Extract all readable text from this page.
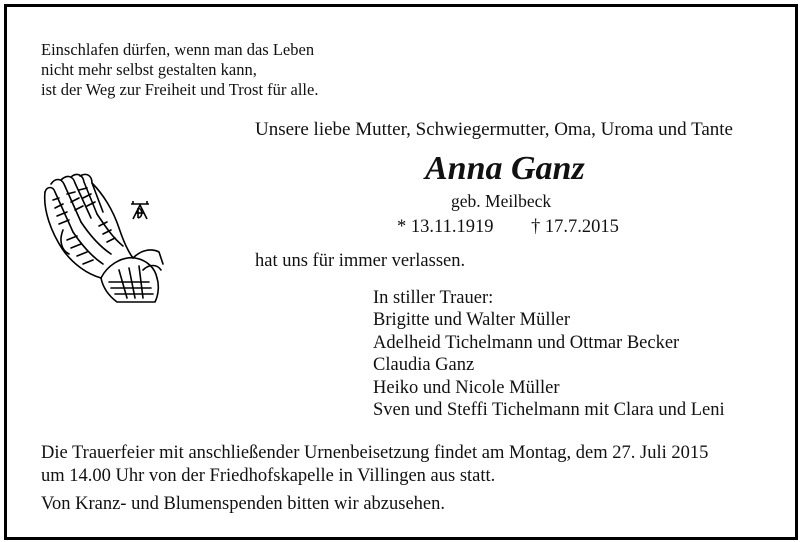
Einschlafen dürfen, wenn man das Leben
nicht mehr selbst gestalten kann,
ist der Weg zur Freiheit und Trost für alle.
Unsere liebe Mutter, Schwiegermutter, Oma, Uroma und Tante
Anna Ganz
geb. Meilbeck
* 13.11.1919 † 17.7.2015
hat uns für immer verlassen.
In stiller Trauer:
Brigitte und Walter Müller
Adelheid Tichelmann und Ottmar Becker
Claudia Ganz
Heiko und Nicole Müller
Sven und Steffi Tichelmann mit Clara und Leni
Die Trauerfeier mit anschließender Urnenbeisetzung findet am Montag, dem 27. Juli 2015
um 14.00 Uhr von der Friedhofskapelle in Villingen aus statt.
Von Kranz- und Blumenspenden bitten wir abzusehen.
